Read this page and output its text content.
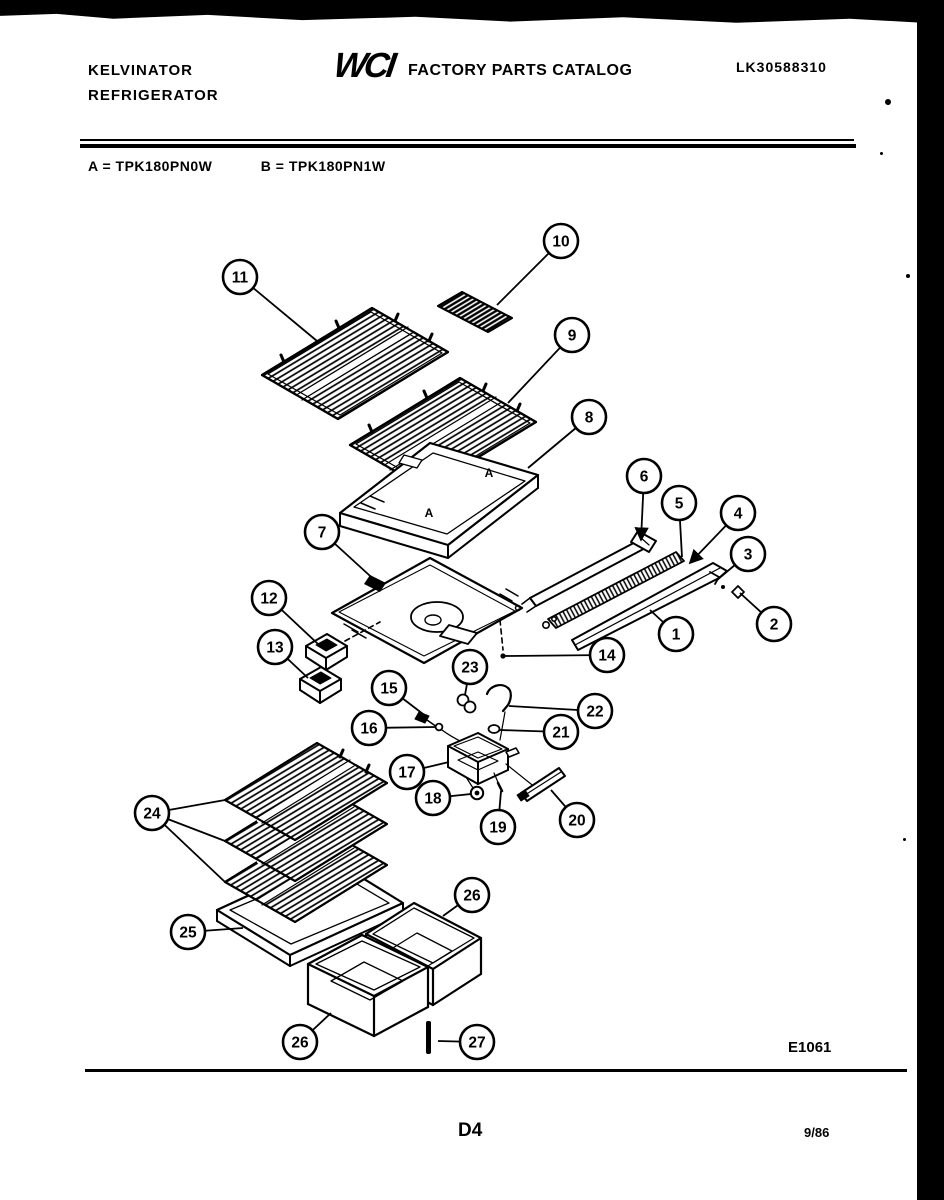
KELVINATOR
REFRIGERATOR
WCI FACTORY PARTS CATALOG	LK30588310
A = TPK180PN0W	B = TPK180PN1W
11
10
9
8
6
5
4
3
2
1
7
12
13
23
14
15
16
22
21
17
18
19	20
24
25
26
26	27
A
A
E1061
D4	9/86
